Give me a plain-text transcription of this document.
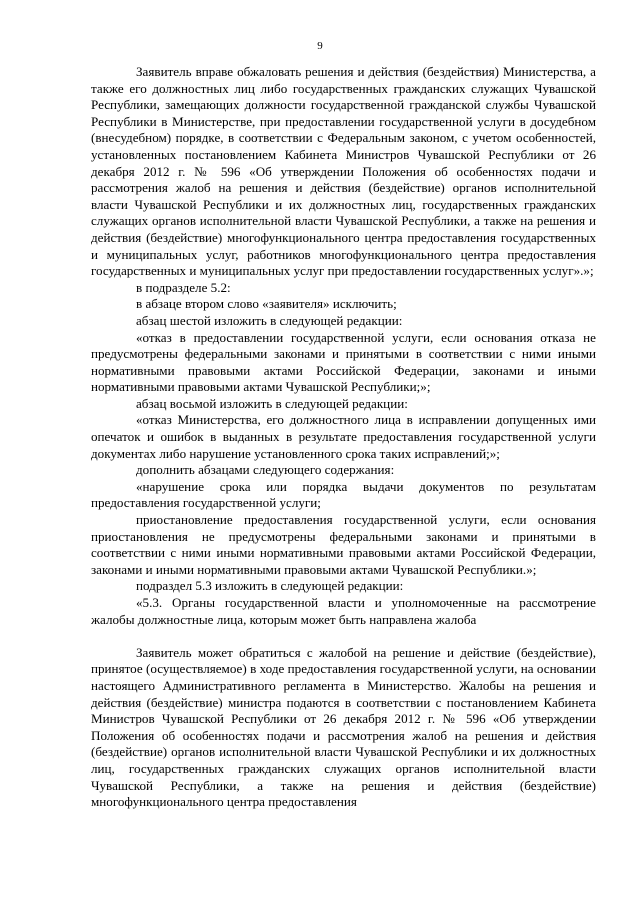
9

Заявитель вправе обжаловать решения и действия (бездействия) Министерства, а также его должностных лиц либо государственных гражданских служащих Чувашской Республики, замещающих должности государственной гражданской службы Чувашской Республики в Министерстве, при предоставлении государственной услуги в досудебном (внесудебном) порядке, в соответствии с Федеральным законом, с учетом особенностей, установленных постановлением Кабинета Министров Чувашской Республики от 26 декабря 2012 г. № 596 «Об утверждении Положения об особенностях подачи и рассмотрения жалоб на решения и действия (бездействие) органов исполнительной власти Чувашской Республики и их должностных лиц, государственных гражданских служащих органов исполнительной власти Чувашской Республики, а также на решения и действия (бездействие) многофункционального центра предоставления государственных и муниципальных услуг, работников многофункционального центра предоставления государственных и муниципальных услуг при предоставлении государственных услуг».»;

в подразделе 5.2:

в абзаце втором слово «заявителя» исключить;

абзац шестой изложить в следующей редакции:

«отказ в предоставлении государственной услуги, если основания отказа не предусмотрены федеральными законами и принятыми в соответствии с ними иными нормативными правовыми актами Российской Федерации, законами и иными нормативными правовыми актами Чувашской Республики;»;

абзац восьмой изложить в следующей редакции:

«отказ Министерства, его должностного лица в исправлении допущенных ими опечаток и ошибок в выданных в результате предоставления государственной услуги документах либо нарушение установленного срока таких исправлений;»;

дополнить абзацами следующего содержания:

«нарушение срока или порядка выдачи документов по результатам предоставления государственной услуги;

приостановление предоставления государственной услуги, если основания приостановления не предусмотрены федеральными законами и принятыми в соответствии с ними иными нормативными правовыми актами Российской Федерации, законами и иными нормативными правовыми актами Чувашской Республики.»;

подраздел 5.3 изложить в следующей редакции:

«5.3. Органы государственной власти и уполномоченные на рассмотрение жалобы должностные лица, которым может быть направлена жалоба

Заявитель может обратиться с жалобой на решение и действие (бездействие), принятое (осуществляемое) в ходе предоставления государственной услуги, на основании настоящего Административного регламента в Министерство. Жалобы на решения и действия (бездействие) министра подаются в соответствии с постановлением Кабинета Министров Чувашской Республики от 26 декабря 2012 г. № 596 «Об утверждении Положения об особенностях подачи и рассмотрения жалоб на решения и действия (бездействие) органов исполнительной власти Чувашской Республики и их должностных лиц, государственных гражданских служащих органов исполнительной власти Чувашской Республики, а также на решения и действия (бездействие) многофункционального центра предоставления
